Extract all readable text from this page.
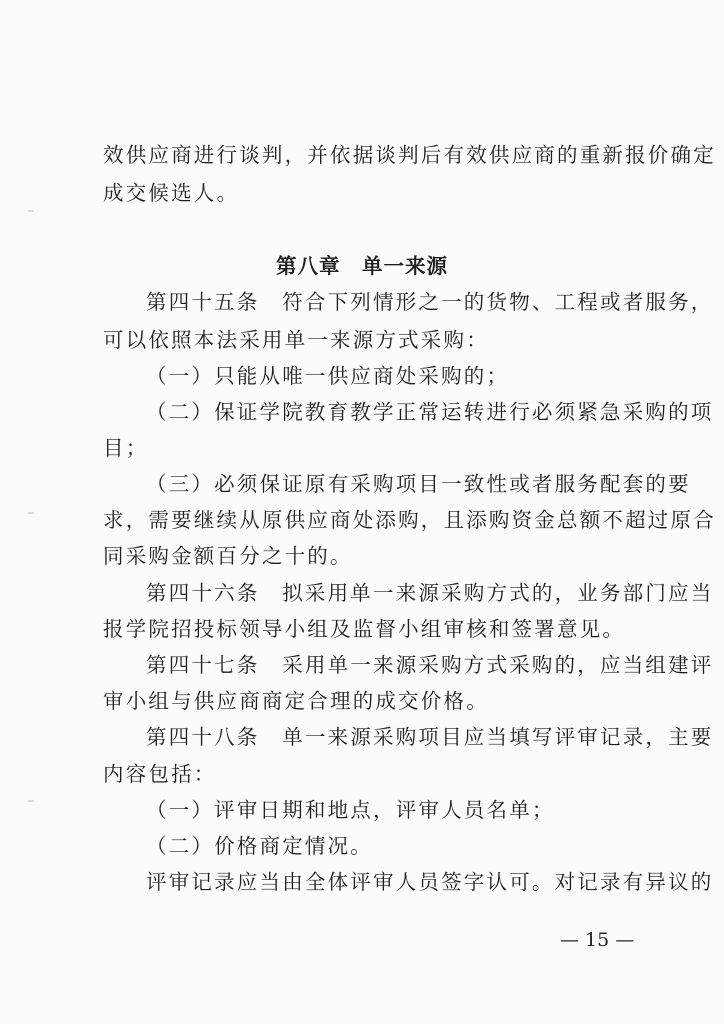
效供应商进行谈判，并依据谈判后有效供应商的重新报价确定
成交候选人。
第八章　单一来源
第四十五条　符合下列情形之一的货物、工程或者服务，
可以依照本法采用单一来源方式采购：
（一）只能从唯一供应商处采购的；
（二）保证学院教育教学正常运转进行必须紧急采购的项
目；
（三）必须保证原有采购项目一致性或者服务配套的要
求，需要继续从原供应商处添购，且添购资金总额不超过原合
同采购金额百分之十的。
第四十六条　拟采用单一来源采购方式的，业务部门应当
报学院招投标领导小组及监督小组审核和签署意见。
第四十七条　采用单一来源采购方式采购的，应当组建评
审小组与供应商商定合理的成交价格。
第四十八条　单一来源采购项目应当填写评审记录，主要
内容包括：
（一）评审日期和地点，评审人员名单；
（二）价格商定情况。
评审记录应当由全体评审人员签字认可。对记录有异议的
— 15 —
